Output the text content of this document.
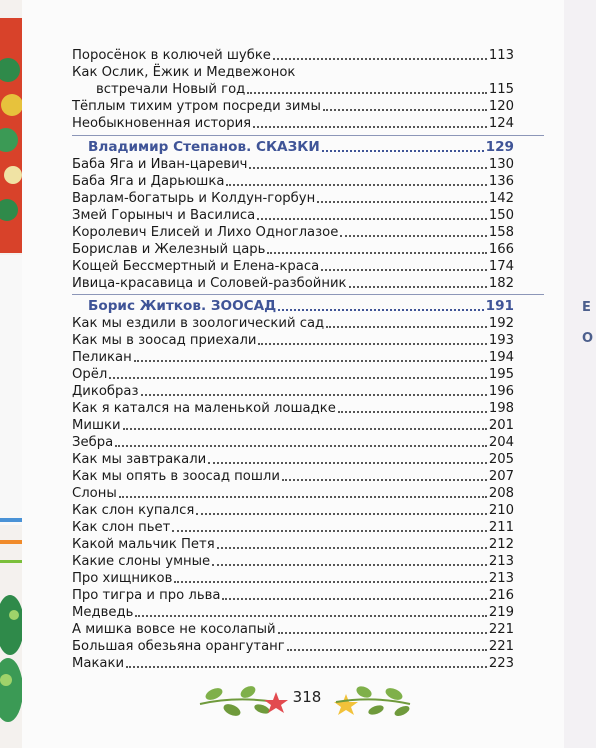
Е
О
Поросёнок в колючей шубке	113
Как Ослик, Ёжик и Медвежонок
встречали Новый год	115
Тёплым тихим утром посреди зимы	120
Необыкновенная история	124
Владимир Степанов. СКАЗКИ	129
Баба Яга и Иван-царевич	130
Баба Яга и Дарьюшка	136
Варлам-богатырь и Колдун-горбун	142
Змей Горыныч и Василиса	150
Королевич Елисей и Лихо Одноглазое	158
Борислав и Железный царь	166
Кощей Бессмертный и Елена-краса	174
Ивица-красавица и Соловей-разбойник	182
Борис Житков. ЗООСАД	191
Как мы ездили в зоологический сад	192
Как мы в зоосад приехали	193
Пеликан	194
Орёл	195
Дикобраз	196
Как я катался на маленькой лошадке	198
Мишки	201
Зебра	204
Как мы завтракали	205
Как мы опять в зоосад пошли	207
Слоны	208
Как слон купался	210
Как слон пьет	211
Какой мальчик Петя	212
Какие слоны умные	213
Про хищников	213
Про тигра и про льва	216
Медведь	219
А мишка вовсе не косолапый	221
Большая обезьяна орангутанг	221
Макаки	223
318
